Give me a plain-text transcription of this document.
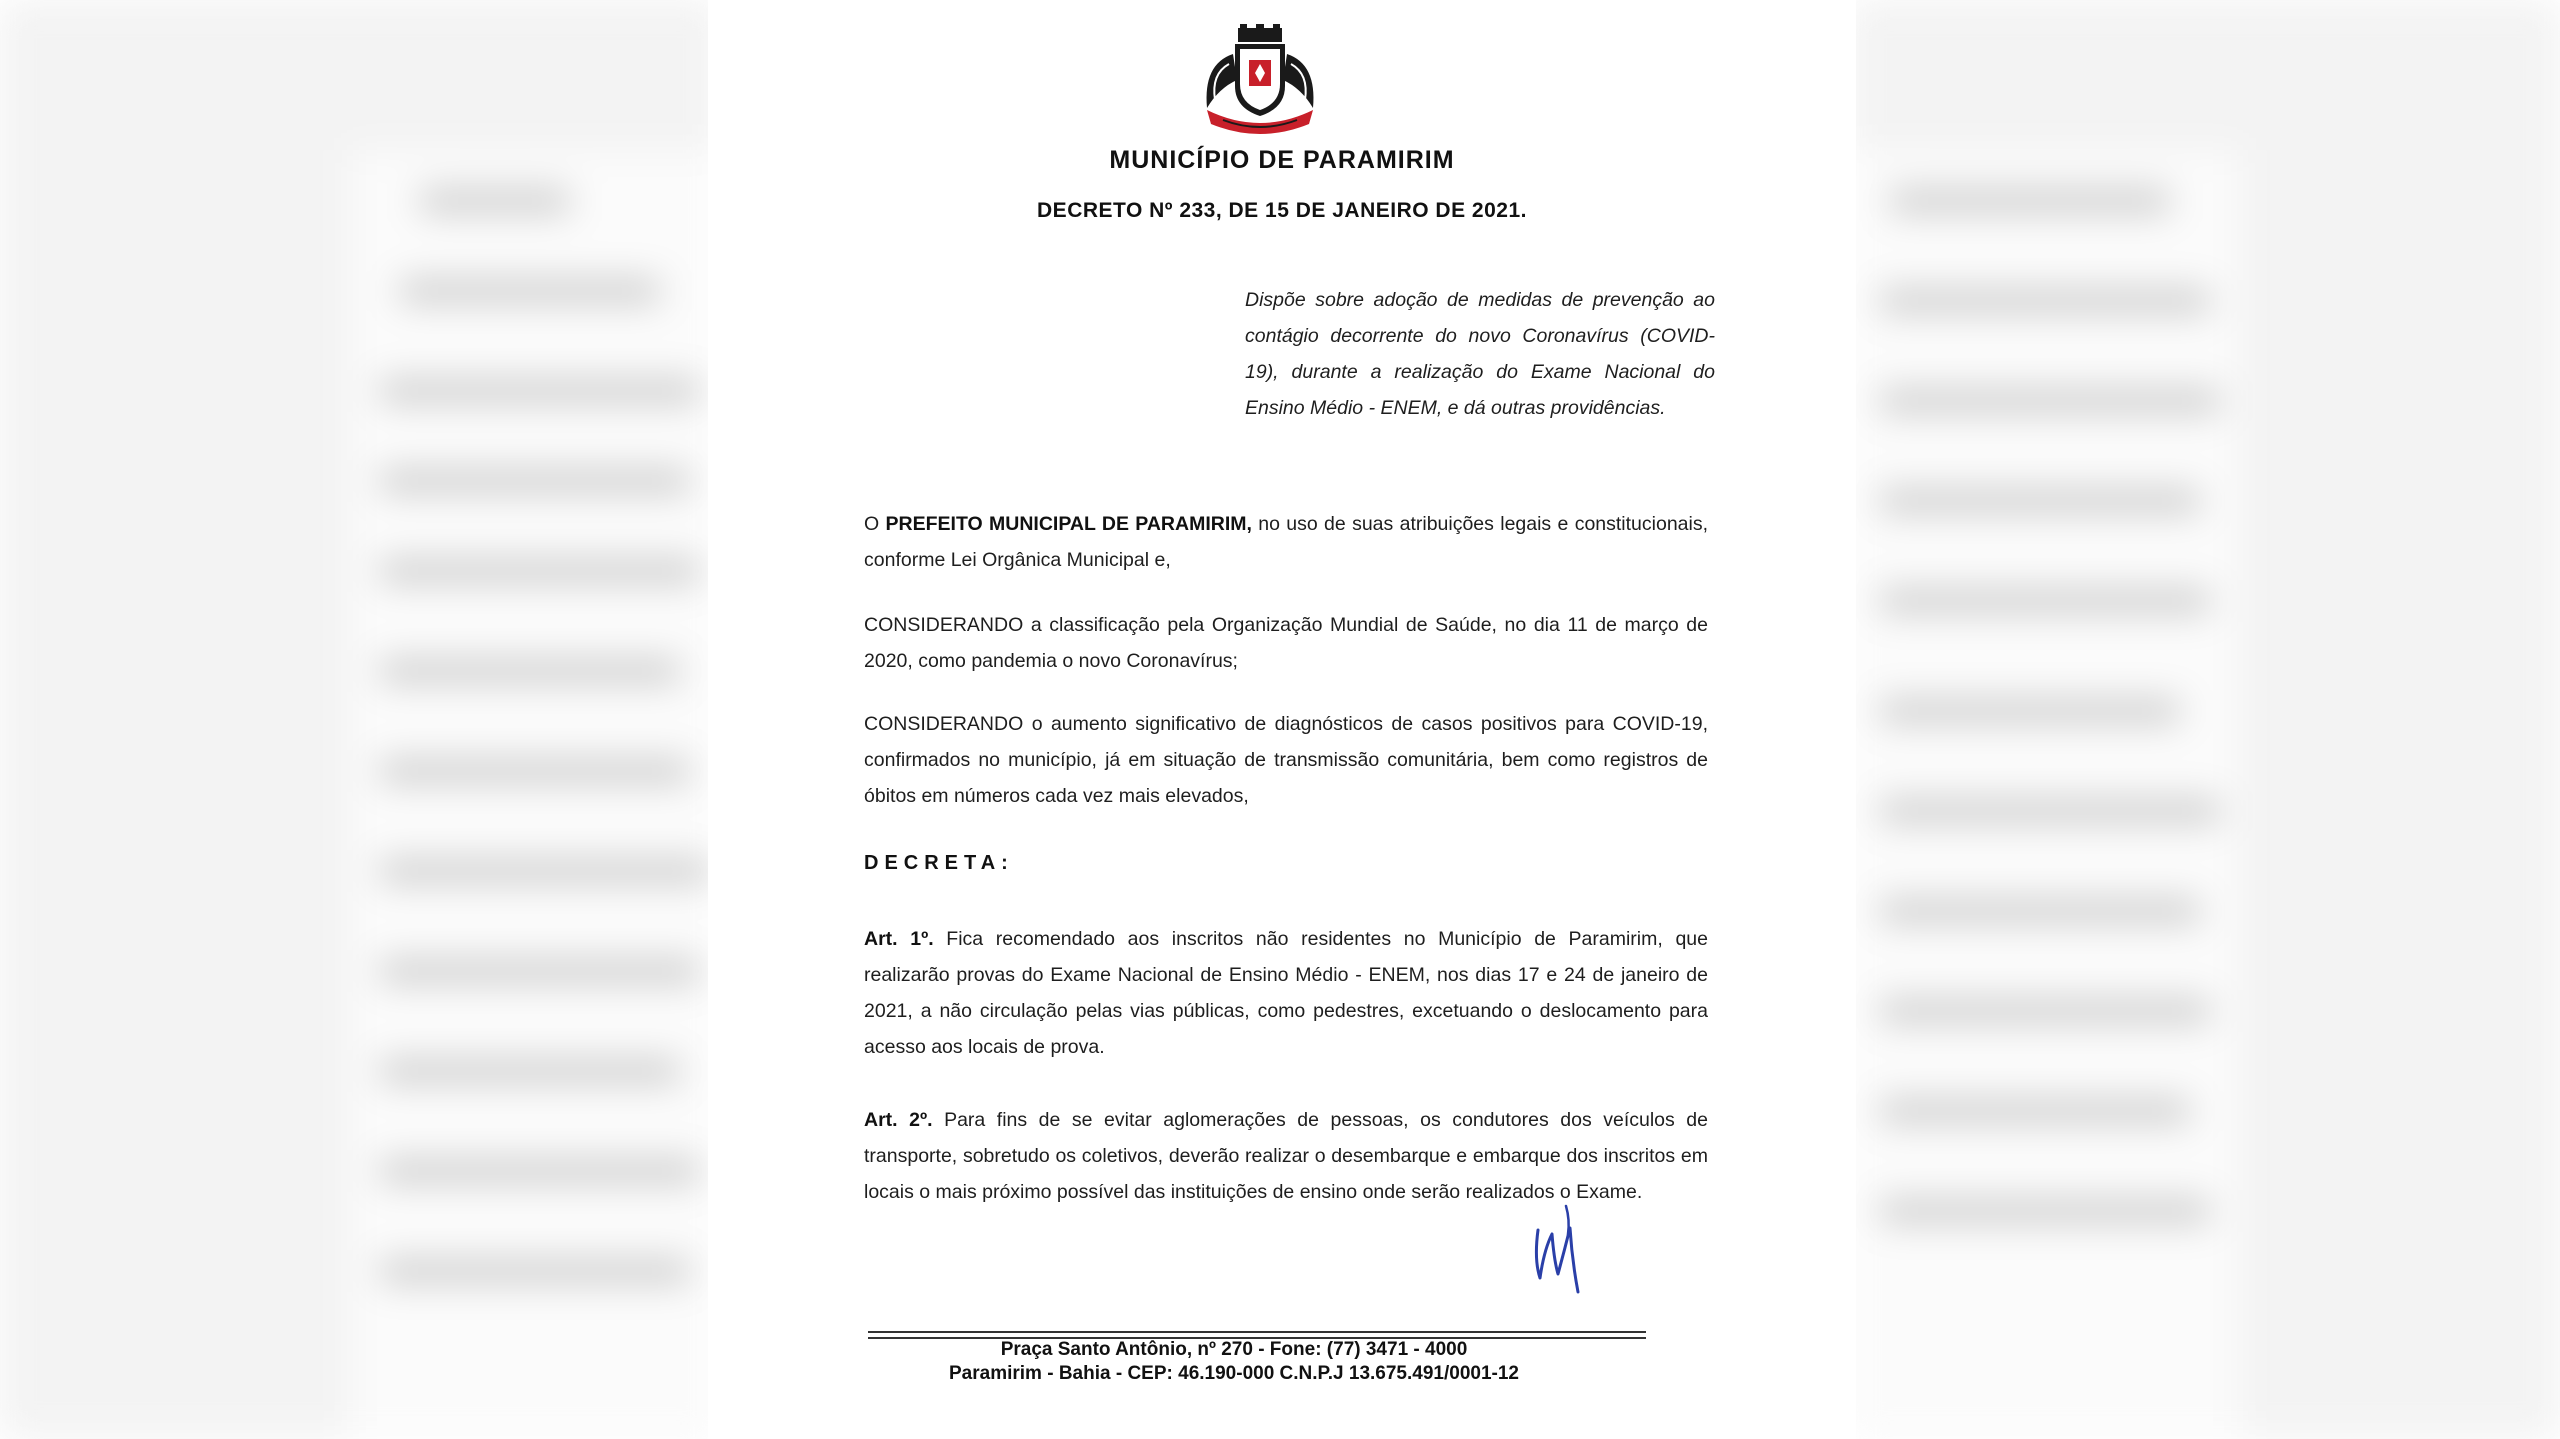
MUNICÍPIO DE PARAMIRIM
DECRETO Nº 233, DE 15 DE JANEIRO DE 2021.
Dispõe sobre adoção de medidas de prevenção ao contágio decorrente do novo Coronavírus (COVID-19), durante a realização do Exame Nacional do Ensino Médio - ENEM, e dá outras providências.
O PREFEITO MUNICIPAL DE PARAMIRIM, no uso de suas atribuições legais e constitucionais, conforme Lei Orgânica Municipal e,
CONSIDERANDO a classificação pela Organização Mundial de Saúde, no dia 11 de março de 2020, como pandemia o novo Coronavírus;
CONSIDERANDO o aumento significativo de diagnósticos de casos positivos para COVID-19, confirmados no município, já em situação de transmissão comunitária, bem como registros de óbitos em números cada vez mais elevados,
DECRETA:
Art. 1º. Fica recomendado aos inscritos não residentes no Município de Paramirim, que realizarão provas do Exame Nacional de Ensino Médio - ENEM, nos dias 17 e 24 de janeiro de 2021, a não circulação pelas vias públicas, como pedestres, excetuando o deslocamento para acesso aos locais de prova.
Art. 2º. Para fins de se evitar aglomerações de pessoas, os condutores dos veículos de transporte, sobretudo os coletivos, deverão realizar o desembarque e embarque dos inscritos em locais o mais próximo possível das instituições de ensino onde serão realizados o Exame.
Praça Santo Antônio, nº 270 - Fone: (77) 3471 - 4000
Paramirim - Bahia - CEP: 46.190-000 C.N.P.J 13.675.491/0001-12
